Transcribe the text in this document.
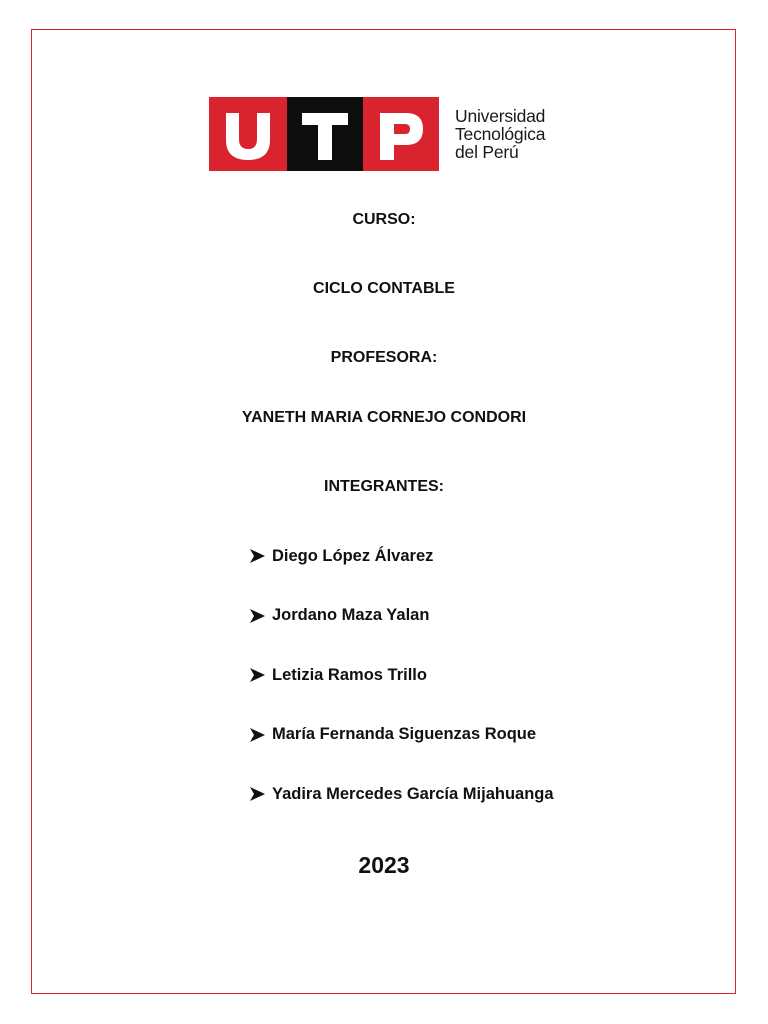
Universidad
Tecnológica
del Perú
CURSO:
CICLO CONTABLE
PROFESORA:
YANETH MARIA CORNEJO CONDORI
INTEGRANTES:
Diego López Álvarez
Jordano Maza Yalan
Letizia Ramos Trillo
María Fernanda Siguenzas Roque
Yadira Mercedes García Mijahuanga
2023
